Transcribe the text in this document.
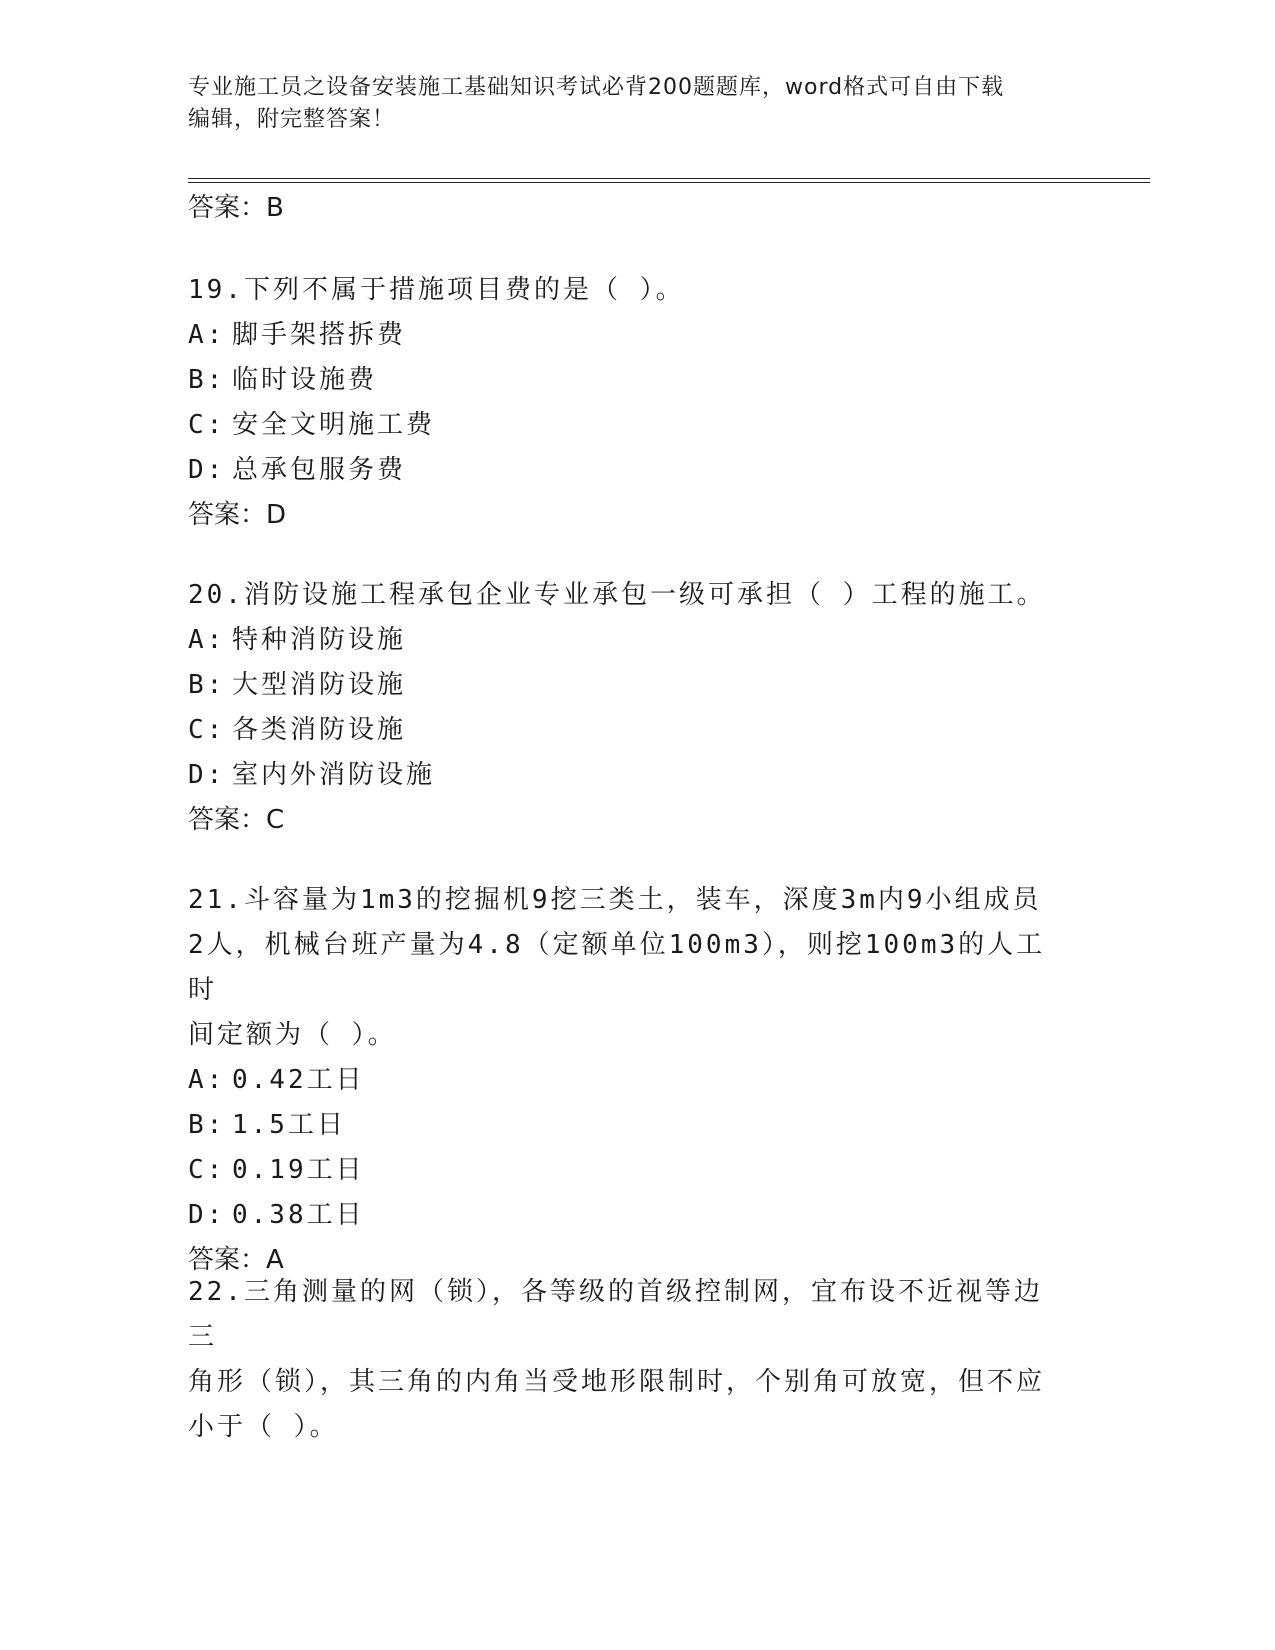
专业施工员之设备安装施工基础知识考试必背200题题库，word格式可自由下载
编辑，附完整答案！
答案：B
19.下列不属于措施项目费的是（ ）。
A: 脚手架搭拆费
B: 临时设施费
C: 安全文明施工费
D: 总承包服务费
答案：D
20.消防设施工程承包企业专业承包一级可承担（ ）工程的施工。
A: 特种消防设施
B: 大型消防设施
C: 各类消防设施
D: 室内外消防设施
答案：C
21.斗容量为1m3的挖掘机9挖三类土，装车，深度3m内9小组成员
2人，机械台班产量为4.8（定额单位100m3），则挖100m3的人工时
间定额为（ ）。
A: 0.42工日
B: 1.5工日
C: 0.19工日
D: 0.38工日
答案：A
22.三角测量的网（锁），各等级的首级控制网，宜布设不近视等边三
角形（锁），其三角的内角当受地形限制时，个别角可放宽，但不应
小于（ ）。
